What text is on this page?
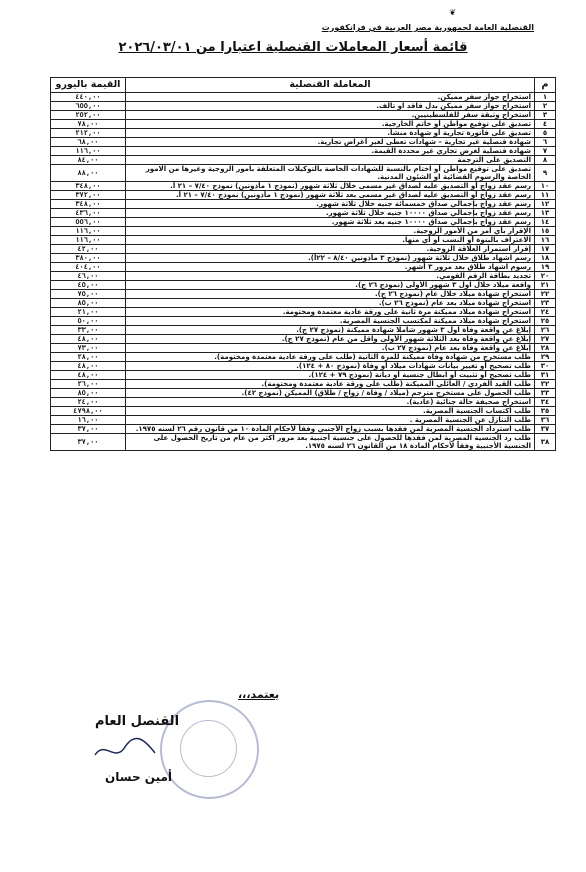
❦
القنصلية العامة لجمهورية مصر العربية في فرانكفورت
قائمة أسعار المعاملات القنصلية اعتبارا من ٢٠٢٦/٠٣/٠١
م	المعاملة القنصلية	القيمة باليورو
١	استخراج جواز سفر مميكن.	٤٤٠,٠٠
٢	استخراج جواز سفر مميكن بدل فاقد او تالف.	٦٥٥,٠٠
٣	استخراج وثيقة سفر للفلسطينيين.	٢٥٢,٠٠
٤	تصديق على توقيع مواطن أو خاتم الخارجية.	٧٨,٠٠
٥	تصديق على فاتورة تجارية أو شهادة منشأ.	٢١٢,٠٠
٦	شهادة قنصلية غير تجارية – شهادات تعطى لغير أغراض تجارية.	٦٨,٠٠
٧	شهادة قنصلية لغرض تجاري غير محددة القيمة.	١١٦,٠٠
٨	التصديق على الترجمة	٨٤,٠٠
٩	تصديق على توقيع مواطن أو اختام بالنسبة للشهادات الخاصة بالتوكيلات المتعلقة بامور الزوجية وغيرها من الامور الخاصة والرسوم القضائية او الشئون المدنية.	٨٨,٠٠
١٠	رسم عقد زواج أو التصديق عليه لصداق غير مسمى خلال ثلاثة شهور (نموذج ١ مأذونين) نموذج ٧/٤٠ – ٢١ أ.	٣٤٨,٠٠
١١	رسم عقد زواج أو التصديق عليه لصداق غير مسمى بعد ثلاثة شهور (نموذج ١ مأذونين) نموذج ٧/٤٠ – ٢١ أ.	٣٧٢,٠٠
١٢	رسم عقد زواج بإجمالي صداق خمسمائة جنيه خلال ثلاثة شهور.	٣٤٨,٠٠
١٣	رسم عقد زواج بإجمالي صداق ١٠٠٠٠ جنيه خلال ثلاثة شهور.	٤٣٦,٠٠
١٤	رسم عقد زواج بإجمالي صداق ١٠٠٠٠ جنيه بعد ثلاثة شهور.	٥٥٦,٠٠
١٥	الإقرار بأي أمر من الأمور الزوجية.	١١٦,٠٠
١٦	الاعتراف بالبنوة أو النسب أو أي منها.	١١٦,٠٠
١٧	إقرار استمرار العلاقة الزوجية.	٤٢,٠٠
١٨	رسم اشهاد طلاق خلال ثلاثة شهور (نموذج ٣ مأذونين ٨/٤٠ – ٢٢أ).	٣٨٠,٠٠
١٩	رسوم اشهاد طلاق بعد مرور ٣ أشهر.	٤٠٤,٠٠
٢٠	تجديد بطاقة الرقم القومي.	٤٦,٠٠
٢١	واقعة ميلاد خلال اول ٣ شهور الأولى (نموذج ٢٦ ج).	٤٥,٠٠
٢٢	استخراج شهادة ميلاد خلال عام (نموذج ٢٦ ج).	٧٥,٠٠
٢٣	استخراج شهادة ميلاد بعد عام (نموذج ٢٦ ب).	٨٥,٠٠
٢٤	استخراج شهادة ميلاد مميكنة مرة ثانية على ورقة عادية معتمدة ومختومة.	٢١,٠٠
٢٥	استخراج شهادة ميلاد مميكنة لمكتسب الجنسية المصرية.	٥٠,٠٠
٢٦	إبلاغ عن واقعة وفاة اول ٣ شهور شاملا شهادة مميكنة (نموذج ٢٧ ج).	٣٣,٠٠
٢٧	إبلاغ عن واقعة وفاة بعد الثلاثة شهور الأولى واقل من عام (نموذج ٢٧ ج).	٤٨,٠٠
٢٨	إبلاغ عن واقعة وفاة بعد عام (نموذج ٢٧ ب).	٧٣,٠٠
٢٩	طلب مستخرج من شهادة وفاة مميكنة للمرة الثانية (طلب على ورقة عادية معتمدة ومختومة).	٢٨,٠٠
٣٠	طلب تصحيح أو تغيير بيانات شهادات ميلاد أو وفاة (نموذج ٨٠ + ١٢٤).	٤٨,٠٠
٣١	طلب تصحيح أو تثبيت أو ابطال جنسية أو ديانة (نموذج ٧٩ + ١٢٤).	٤٨,٠٠
٣٢	طلب القيد الفردي / العائلي المميكنة (طلب على ورقة عادية معتمدة ومختومة).	٢٦,٠٠
٣٣	طلب الحصول على مستخرج مترجم (ميلاد / وفاة / زواج / طلاق) المميكن (نموذج ٤٢).	٨٥,٠٠
٣٤	استخراج صحيفة حالة جنائية (عادية).	٢٤,٠٠
٣٥	طلب اكتساب الجنسية المصرية.	٤٧٩٨,٠٠
٣٦	طلب التنازل عن الجنسية المصرية .	١٦,٠٠
٣٧	طلب استرداد الجنسية المصرية لمن فقدها بسبب زواج الأجنبي وفقاً لأحكام المادة ١٠ من قانون رقم ٢٦ لسنه ١٩٧٥.	٣٧,٠٠
٣٨	طلب رد الجنسية المصرية لمن فقدها للحصول على جنسية أجنبية بعد مرور اكثر من عام من تاريخ الحصول على الجنسية الأجنبية وفقاً لأحكام المادة ١٨ من القانون ٢٦ لسنه ١٩٧٥.	٣٧,٠٠
يعتمد،،،
القنصل العام
أمين حسان
